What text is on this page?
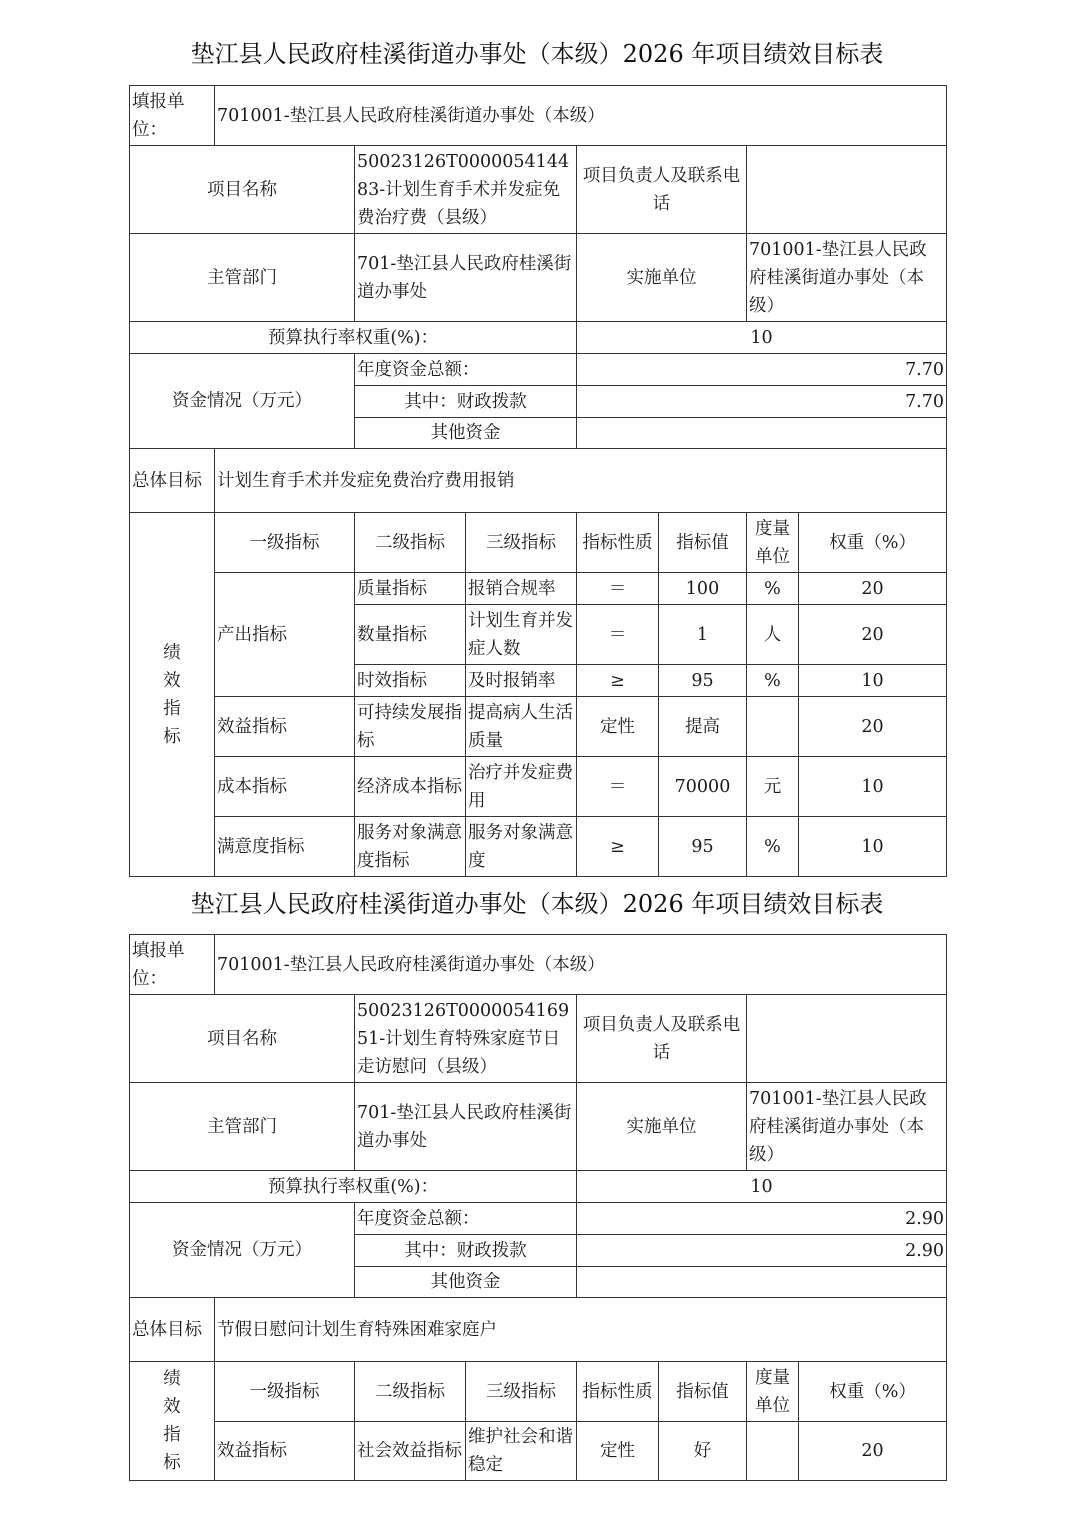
垫江县人民政府桂溪街道办事处（本级）2026 年项目绩效目标表
填报单位：	701001-垫江县人民政府桂溪街道办事处（本级）						
项目名称		50023126T000005414483-计划生育手术并发症免费治疗费（县级）		项目负责人及联系电话			
主管部门		701-垫江县人民政府桂溪街道办事处		实施单位		701001-垫江县人民政府桂溪街道办事处（本级）	
预算执行率权重(%)：				10			
资金情况（万元）		年度资金总额：		7.70			
		其中：财政拨款		7.70			
		其他资金					
总体目标	计划生育手术并发症免费治疗费用报销						
绩效指标	一级指标	二级指标	三级指标	指标性质	指标值	度量单位	权重（%）
	产出指标	质量指标	报销合规率	＝	100	%	20
		数量指标	计划生育并发症人数	＝	1	人	20
		时效指标	及时报销率	≥	95	%	10
	效益指标	可持续发展指标	提高病人生活质量	定性	提高		20
	成本指标	经济成本指标	治疗并发症费用	＝	70000	元	10
	满意度指标	服务对象满意度指标	服务对象满意度	≥	95	%	10
垫江县人民政府桂溪街道办事处（本级）2026 年项目绩效目标表
填报单位：	701001-垫江县人民政府桂溪街道办事处（本级）						
项目名称		50023126T000005416951-计划生育特殊家庭节日走访慰问（县级）		项目负责人及联系电话			
主管部门		701-垫江县人民政府桂溪街道办事处		实施单位		701001-垫江县人民政府桂溪街道办事处（本级）	
预算执行率权重(%)：				10			
资金情况（万元）		年度资金总额：		2.90			
		其中：财政拨款		2.90			
		其他资金					
总体目标	节假日慰问计划生育特殊困难家庭户						
绩效指标	一级指标	二级指标	三级指标	指标性质	指标值	度量单位	权重（%）
	效益指标	社会效益指标	维护社会和谐稳定	定性	好		20
